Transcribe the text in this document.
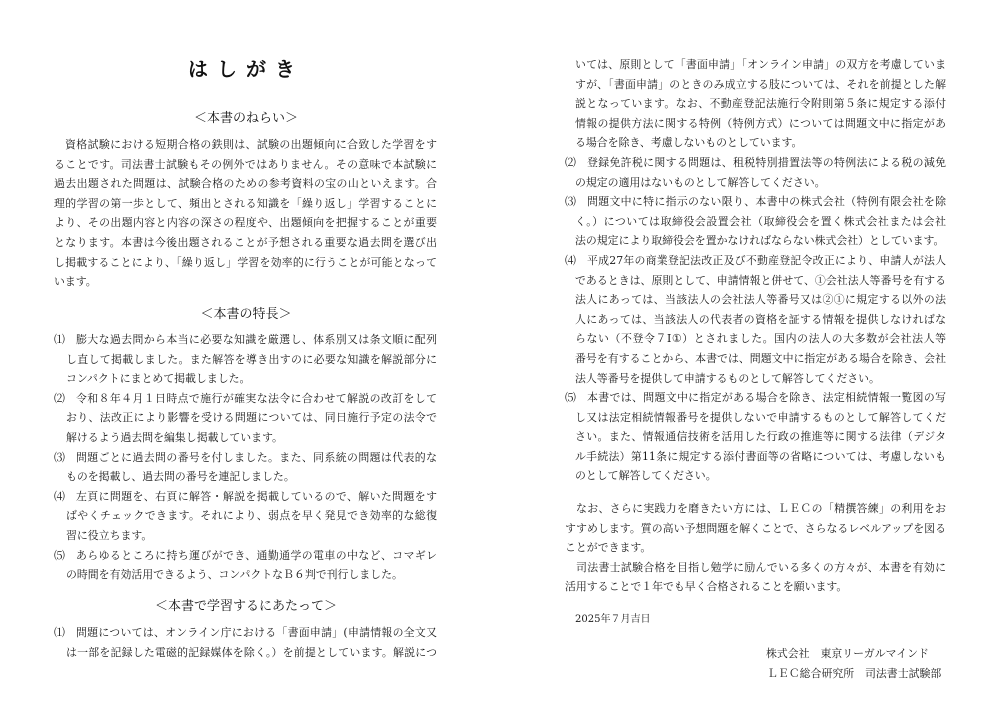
はしがき
＜本書のねらい＞
資格試験における短期合格の鉄則は、試験の出題傾向に合致した学習をす
ることです。司法書士試験もその例外ではありません。その意味で本試験に
過去出題された問題は、試験合格のための参考資料の宝の山といえます。合
理的学習の第一歩として、頻出とされる知識を「繰り返し」学習することに
より、その出題内容と内容の深さの程度や、出題傾向を把握することが重要
となります。本書は今後出題されることが予想される重要な過去問を選び出
し掲載することにより、「繰り返し」学習を効率的に行うことが可能となって
います。
＜本書の特長＞
⑴	膨大な過去問から本当に必要な知識を厳選し、体系別又は条文順に配列
し直して掲載しました。また解答を導き出すのに必要な知識を解説部分に
コンパクトにまとめて掲載しました。
⑵	令和８年４月１日時点で施行が確実な法令に合わせて解説の改訂をして
おり、法改正により影響を受ける問題については、同日施行予定の法令で
解けるよう過去問を編集し掲載しています。
⑶	問題ごとに過去問の番号を付しました。また、同系統の問題は代表的な
ものを掲載し、過去問の番号を連記しました。
⑷	左頁に問題を、右頁に解答・解説を掲載しているので、解いた問題をす
ばやくチェックできます。それにより、弱点を早く発見でき効率的な総復
習に役立ちます。
⑸	あらゆるところに持ち運びができ、通勤通学の電車の中など、コマギレ
の時間を有効活用できるよう、コンパクトなＢ６判で刊行しました。
＜本書で学習するにあたって＞
⑴	問題については、オンライン庁における「書面申請」(申請情報の全文又
は一部を記録した電磁的記録媒体を除く。）を前提としています。解説につ
いては、原則として「書面申請」「オンライン申請」の双方を考慮していま
すが、「書面申請」のときのみ成立する肢については、それを前提とした解
説となっています。なお、不動産登記法施行令附則第５条に規定する添付
情報の提供方法に関する特例（特例方式）については問題文中に指定があ
る場合を除き、考慮しないものとしています。
⑵	登録免許税に関する問題は、租税特別措置法等の特例法による税の減免
の規定の適用はないものとして解答してください。
⑶	問題文中に特に指示のない限り、本書中の株式会社（特例有限会社を除
く。）については取締役会設置会社（取締役会を置く株式会社または会社
法の規定により取締役会を置かなければならない株式会社）としています。
⑷	平成27年の商業登記法改正及び不動産登記令改正により、申請人が法人
であるときは、原則として、申請情報と併せて、①会社法人等番号を有する
法人にあっては、当該法人の会社法人等番号又は②①に規定する以外の法
人にあっては、当該法人の代表者の資格を証する情報を提供しなければな
らない（不登令７Ⅰ①）とされました。国内の法人の大多数が会社法人等
番号を有することから、本書では、問題文中に指定がある場合を除き、会社
法人等番号を提供して申請するものとして解答してください。
⑸	本書では、問題文中に指定がある場合を除き、法定相続情報一覧図の写
し又は法定相続情報番号を提供しないで申請するものとして解答してくだ
さい。また、情報通信技術を活用した行政の推進等に関する法律（デジタ
ル手続法）第11条に規定する添付書面等の省略については、考慮しないも
のとして解答してください。
なお、さらに実践力を磨きたい方には、ＬＥＣの「精撰答練」の利用をお
すすめします。質の高い予想問題を解くことで、さらなるレベルアップを図る
ことができます。
司法書士試験合格を目指し勉学に励んでいる多くの方々が、本書を有効に
活用することで１年でも早く合格されることを願います。
2025年７月吉日
株式会社　東京リーガルマインド
ＬＥＣ総合研究所　司法書士試験部
